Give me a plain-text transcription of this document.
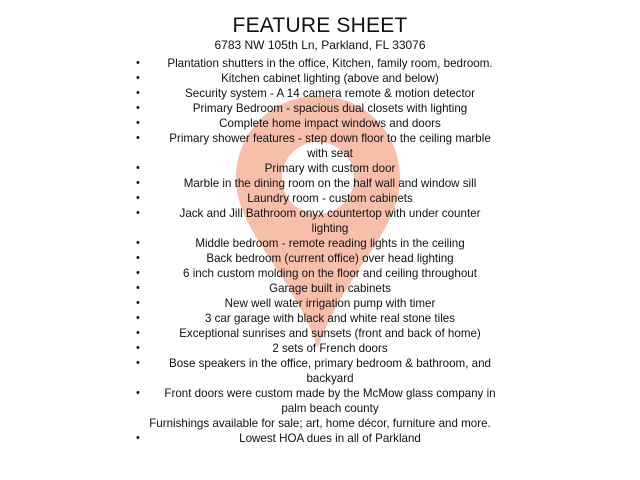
FEATURE SHEET
6783 NW 105th Ln, Parkland, FL 33076
• Plantation shutters in the office, Kitchen, family room, bedroom.
•	Kitchen cabinet lighting (above and below)
•	Security system - A 14 camera remote & motion detector
•	Primary Bedroom - spacious dual closets with lighting
•	Complete home impact windows and doors
•	Primary shower features - step down floor to the ceiling marble
with seat
•	Primary with custom door
•	Marble in the dining room on the half wall and window sill
•	Laundry room - custom cabinets
•	Jack and Jill Bathroom onyx countertop with under counter
lighting
•	Middle bedroom - remote reading lights in the ceiling
•	Back bedroom (current office) over head lighting
•	6 inch custom molding on the floor and ceiling throughout
•	Garage built in cabinets
•	New well water irrigation pump with timer
•	3 car garage with black and white real stone tiles
•	Exceptional sunrises and sunsets (front and back of home)
•	2 sets of French doors
•	Bose speakers in the office, primary bedroom & bathroom, and
backyard
• Front doors were custom made by the McMow glass company in
palm beach county
Furnishings available for sale; art, home décor, furniture and more.
•	Lowest HOA dues in all of Parkland
